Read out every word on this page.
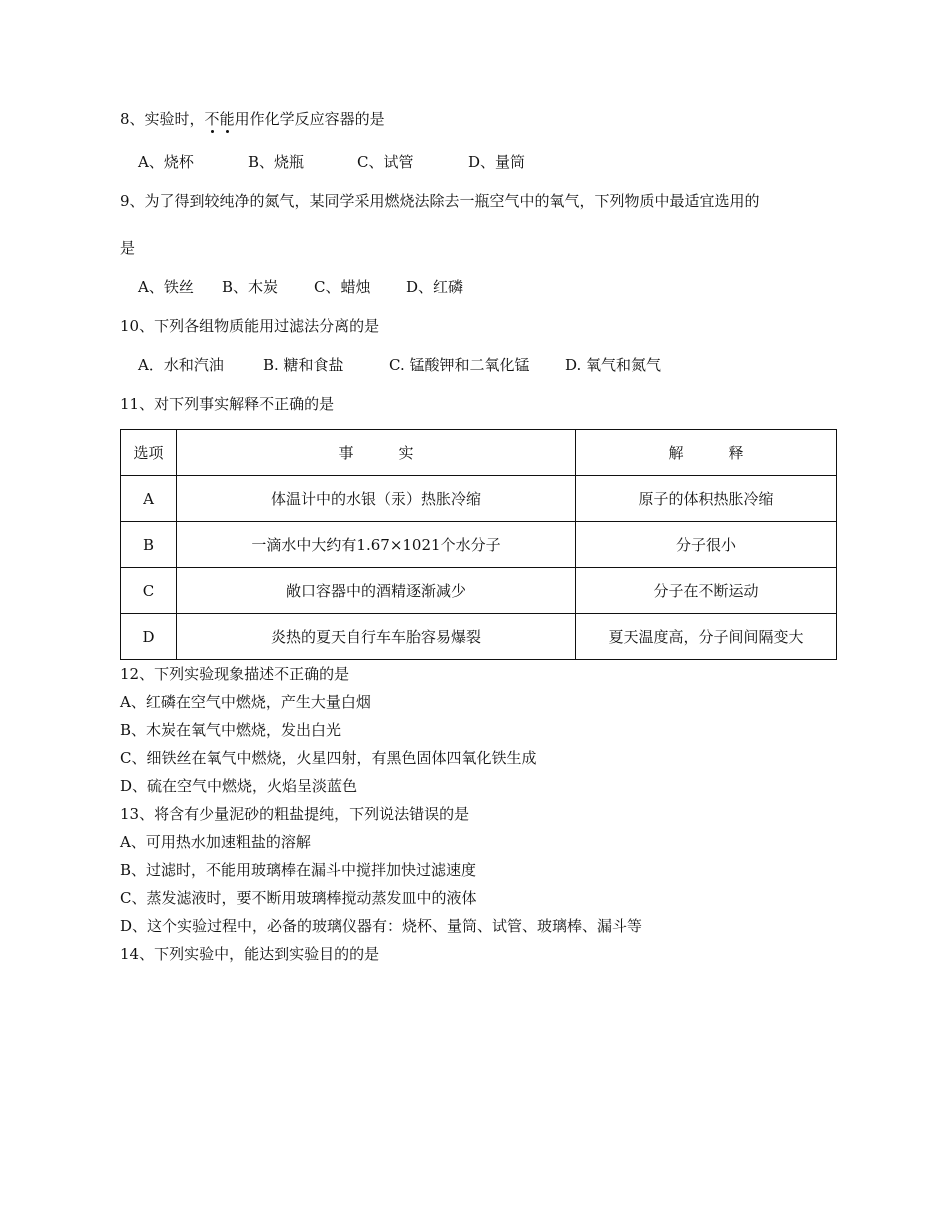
8、实验时，不能用作化学反应容器的是
A、烧杯	B、烧瓶	C、试管	D、量筒
9、为了得到较纯净的氮气，某同学采用燃烧法除去一瓶空气中的氧气，下列物质中最适宜选用的
是
A、铁丝 B、木炭 C、蜡烛 D、红磷
10、下列各组物质能用过滤法分离的是
A．水和汽油	B. 糖和食盐	C. 锰酸钾和二氧化锰 D. 氧气和氮气
11、对下列事实解释不正确的是
选项	事　　　实	解　　　释
A	体温计中的水银（汞）热胀冷缩	原子的体积热胀冷缩
B	一滴水中大约有1.67×1021个水分子	分子很小
C	敞口容器中的酒精逐渐减少	分子在不断运动
D	炎热的夏天自行车车胎容易爆裂	夏天温度高，分子间间隔变大
12、下列实验现象描述不正确的是
A、红磷在空气中燃烧，产生大量白烟
B、木炭在氧气中燃烧，发出白光
C、细铁丝在氧气中燃烧，火星四射，有黑色固体四氧化铁生成
D、硫在空气中燃烧，火焰呈淡蓝色
13、将含有少量泥砂的粗盐提纯，下列说法错误的是
A、可用热水加速粗盐的溶解
B、过滤时，不能用玻璃棒在漏斗中搅拌加快过滤速度
C、蒸发滤液时，要不断用玻璃棒搅动蒸发皿中的液体
D、这个实验过程中，必备的玻璃仪器有：烧杯、量筒、试管、玻璃棒、漏斗等
14、下列实验中，能达到实验目的的是
